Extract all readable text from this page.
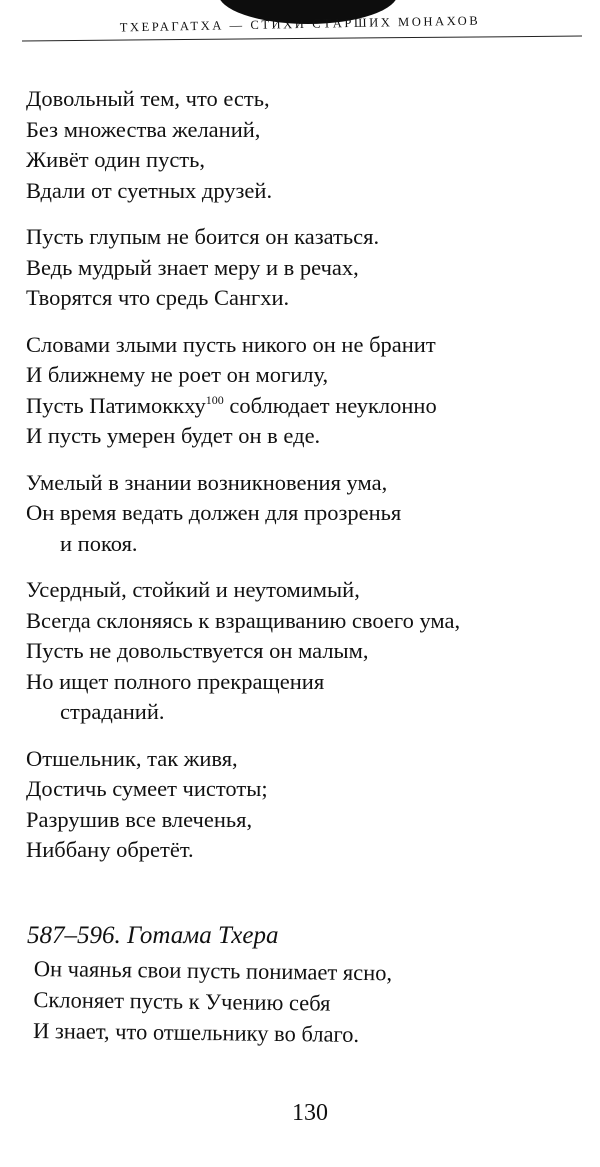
ТХЕРАГАТХА — СТИХИ СТАРШИХ МОНАХОВ
Довольный тем, что есть,
Без множества желаний,
Живёт один пусть,
Вдали от суетных друзей.
Пусть глупым не боится он казаться.
Ведь мудрый знает меру и в речах,
Творятся что средь Сангхи.
Словами злыми пусть никого он не бранит
И ближнему не роет он могилу,
Пусть Патимоккху$^{100}$ соблюдает неуклонно
И пусть умерен будет он в еде.
Умелый в знании возникновения ума,
Он время ведать должен для прозренья
и покоя.
Усердный, стойкий и неутомимый,
Всегда склоняясь к взращиванию своего ума,
Пусть не довольствуется он малым,
Но ищет полного прекращения
страданий.
Отшельник, так живя,
Достичь сумеет чистоты;
Разрушив все влеченья,
Ниббану обретёт.
587–596. Готама Тхера
Он чаянья свои пусть понимает ясно,
Склоняет пусть к Учению себя
И знает, что отшельнику во благо.
130
